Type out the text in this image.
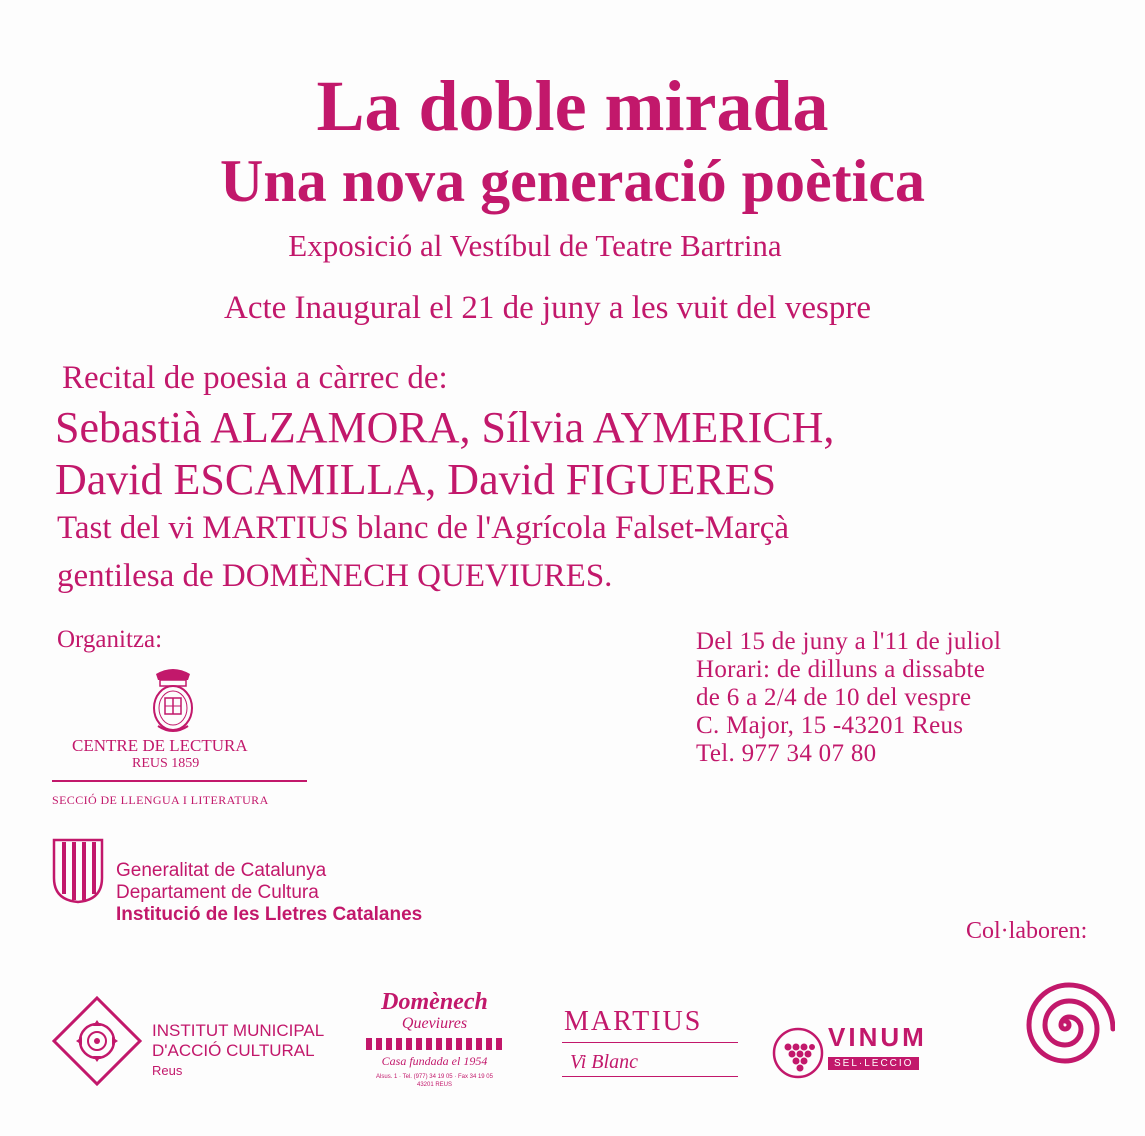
La doble mirada
Una nova generació poètica
Exposició al Vestíbul de Teatre Bartrina
Acte Inaugural el 21 de juny a les vuit del vespre
Recital de poesia a càrrec de:
Sebastià ALZAMORA, Sílvia AYMERICH,
David ESCAMILLA, David FIGUERES
Tast del vi MARTIUS blanc de l'Agrícola Falset-Marçà
gentilesa de DOMÈNECH QUEVIURES.
Organitza:	Del 15 de juny a l'11 de juliol
Horari: de dilluns a dissabte
de 6 a 2/4 de 10 del vespre
C. Major, 15 -43201 Reus
Tel. 977 34 07 80
CENTRE DE LECTURA
REUS 1859
SECCIÓ DE LLENGUA I LITERATURA
Generalitat de Catalunya
Departament de Cultura
Institució de les Lletres Catalanes
Col·laboren:
INSTITUT MUNICIPAL
D'ACCIÓ CULTURAL
Reus
Domènech
Queviures
Casa fundada el 1954
Alsus. 1 · Tel. (977) 34 19 05 · Fax 34 19 05
43201 REUS
MARTIUS
Vi Blanc
VINUM
SEL·LECCIO
